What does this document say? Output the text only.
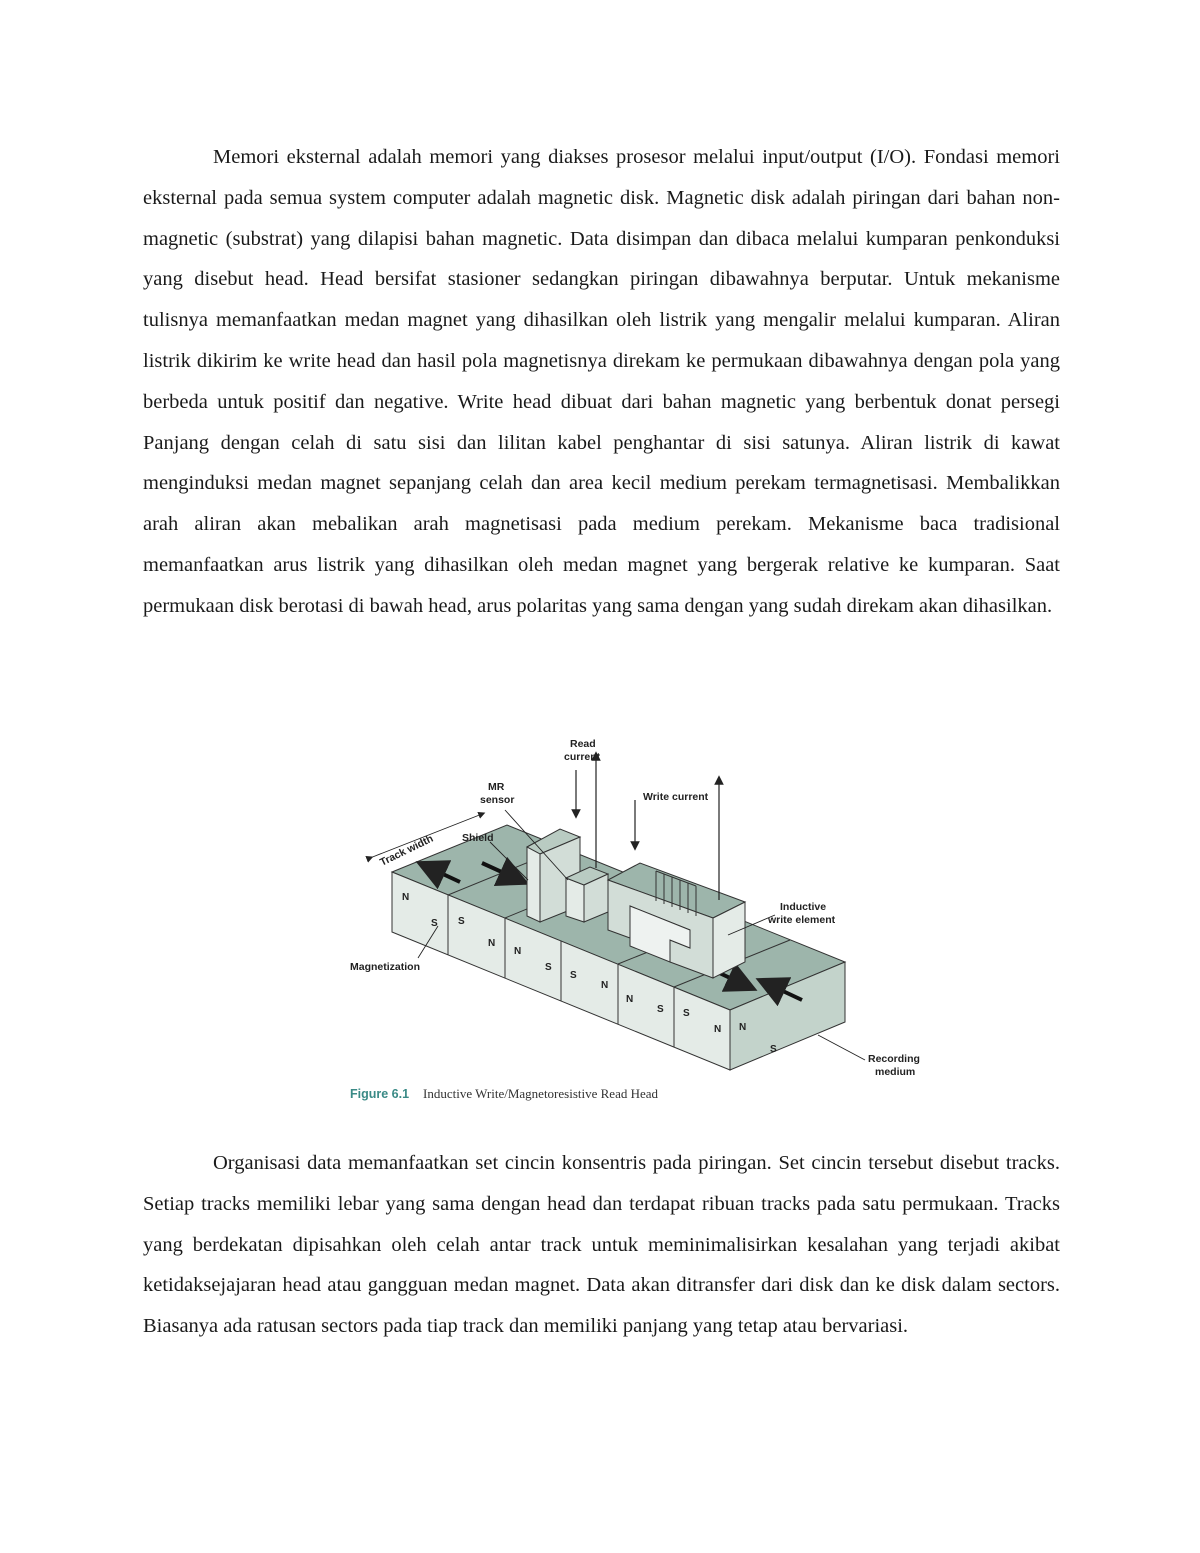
Memori eksternal adalah memori yang diakses prosesor melalui input/output (I/O). Fondasi memori eksternal pada semua system computer adalah magnetic disk. Magnetic disk adalah piringan dari bahan non-magnetic (substrat) yang dilapisi bahan magnetic. Data disimpan dan dibaca melalui kumparan penkonduksi yang disebut head. Head bersifat stasioner sedangkan piringan dibawahnya berputar. Untuk mekanisme tulisnya memanfaatkan medan magnet yang dihasilkan oleh listrik yang mengalir melalui kumparan. Aliran listrik dikirim ke write head dan hasil pola magnetisnya direkam ke permukaan dibawahnya dengan pola yang berbeda untuk positif dan negative. Write head dibuat dari bahan magnetic yang berbentuk donat persegi Panjang dengan celah di satu sisi dan lilitan kabel penghantar di sisi satunya. Aliran listrik di kawat menginduksi medan magnet sepanjang celah dan area kecil medium perekam termagnetisasi. Membalikkan arah aliran akan mebalikan arah magnetisasi pada medium perekam. Mekanisme baca tradisional memanfaatkan arus listrik yang dihasilkan oleh medan magnet yang bergerak relative ke kumparan. Saat permukaan disk berotasi di bawah head, arus polaritas yang sama dengan yang sudah direkam akan dihasilkan.

N
S S
N
N
S
S
N
N
S S
N N
S
Read
current
MR
sensor	Write current
Shield
Track width
Inductive
write element
Magnetization
Recording
medium
Figure 6.1 Inductive Write/Magnetoresistive Read Head

Organisasi data memanfaatkan set cincin konsentris pada piringan. Set cincin tersebut disebut tracks. Setiap tracks memiliki lebar yang sama dengan head dan terdapat ribuan tracks pada satu permukaan. Tracks yang berdekatan dipisahkan oleh celah antar track untuk meminimalisirkan kesalahan yang terjadi akibat ketidaksejajaran head atau gangguan medan magnet. Data akan ditransfer dari disk dan ke disk dalam sectors. Biasanya ada ratusan sectors pada tiap track dan memiliki panjang yang tetap atau bervariasi.
